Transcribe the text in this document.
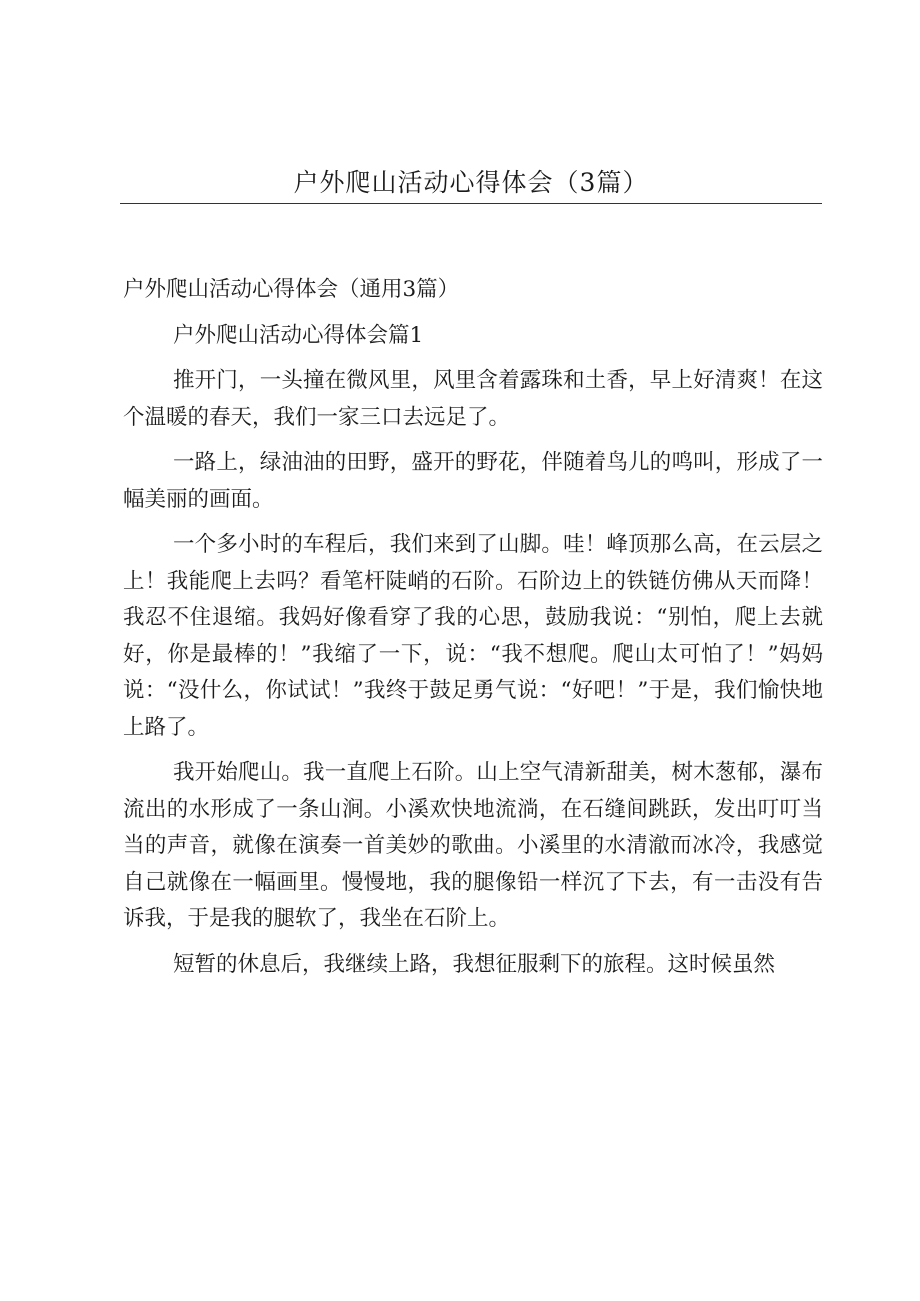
户外爬山活动心得体会（3篇）

户外爬山活动心得体会（通用3篇）

户外爬山活动心得体会篇1

推开门，一头撞在微风里，风里含着露珠和土香，早上好清爽！在这个温暖的春天，我们一家三口去远足了。

一路上，绿油油的田野，盛开的野花，伴随着鸟儿的鸣叫，形成了一幅美丽的画面。

一个多小时的车程后，我们来到了山脚。哇！峰顶那么高，在云层之上！我能爬上去吗？看笔杆陡峭的石阶。石阶边上的铁链仿佛从天而降！我忍不住退缩。我妈好像看穿了我的心思，鼓励我说：“别怕，爬上去就好，你是最棒的！”我缩了一下，说：“我不想爬。爬山太可怕了！”妈妈说：“没什么，你试试！”我终于鼓足勇气说：“好吧！”于是，我们愉快地上路了。

我开始爬山。我一直爬上石阶。山上空气清新甜美，树木葱郁，瀑布流出的水形成了一条山涧。小溪欢快地流淌，在石缝间跳跃，发出叮叮当当的声音，就像在演奏一首美妙的歌曲。小溪里的水清澈而冰冷，我感觉自己就像在一幅画里。慢慢地，我的腿像铅一样沉了下去，有一击没有告诉我，于是我的腿软了，我坐在石阶上。

短暂的休息后，我继续上路，我想征服剩下的旅程。这时候虽然
